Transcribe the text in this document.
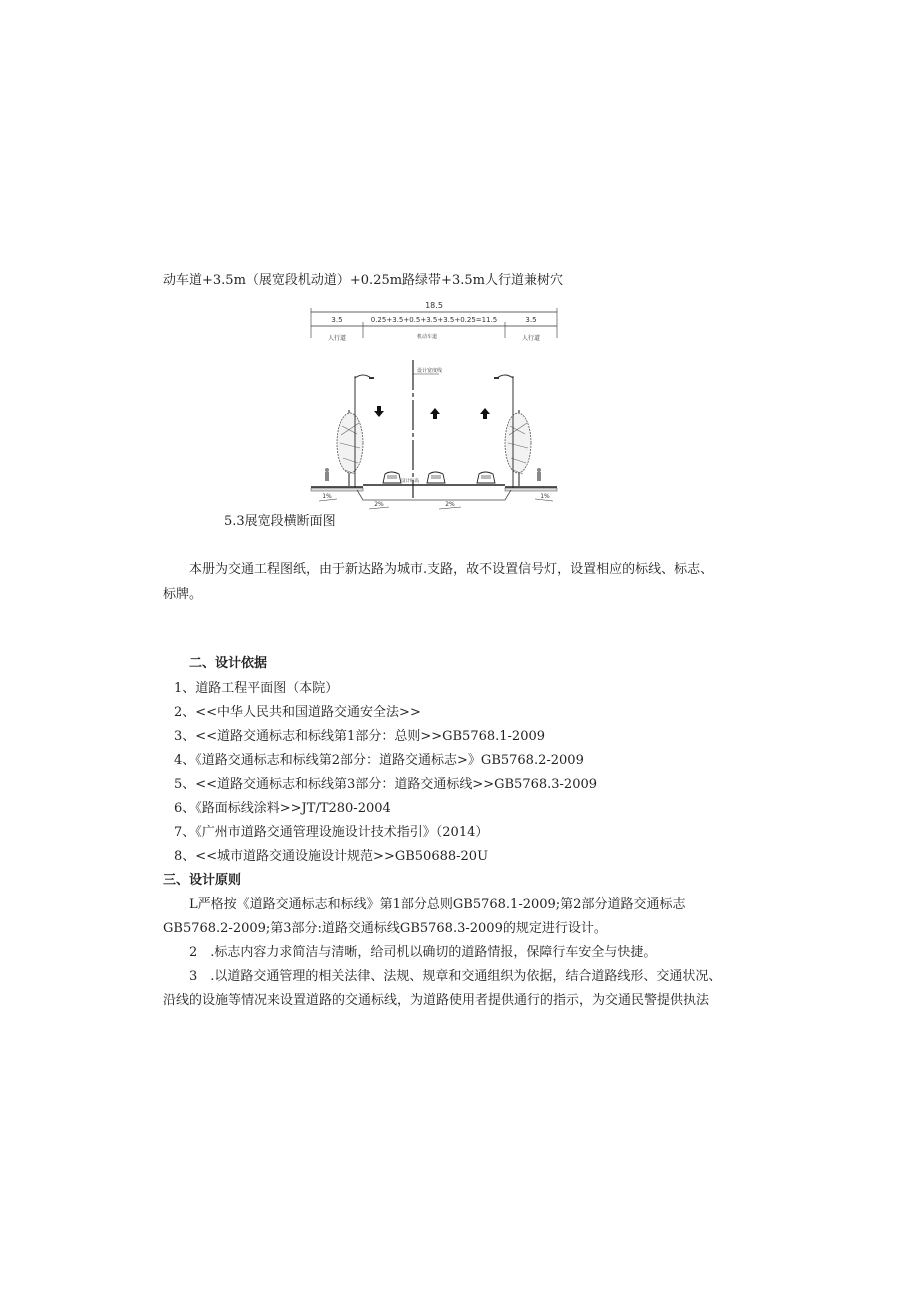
动车道+3.5m（展宽段机动道）+0.25m路绿带+3.5m人行道兼树穴
18.5
3.5	0.25+3.5+0.5+3.5+3.5+0.25=11.5	3.5
人行道	机动车道	人行道
设计宽度线
设计标高
1%
2%	2%
1%
5.3展宽段横断面图
本册为交通工程图纸，由于新达路为城市.支路，故不设置信号灯，设置相应的标线、标志、
标牌。
二、设计依据
1、道路工程平面图（本院）
2、<<中华人民共和国道路交通安全法>>
3、<<道路交通标志和标线第1部分：总则>>GB5768.1-2009
4、《道路交通标志和标线第2部分：道路交通标志>》GB5768.2-2009
5、<<道路交通标志和标线第3部分：道路交通标线>>GB5768.3-2009
6、《路面标线涂料>>JT/T280-2004
7、《广州市道路交通管理设施设计技术指引》（2014）
8、<<城市道路交通设施设计规范>>GB50688-20U
三、设计原则
L严格按《道路交通标志和标线》第1部分总则GB5768.1-2009;第2部分道路交通标志
GB5768.2-2009;第3部分:道路交通标线GB5768.3-2009的规定进行设计。
2　.标志内容力求简洁与清晰，给司机以确切的道路情报，保障行车安全与快捷。
3　.以道路交通管理的相关法律、法规、规章和交通组织为依据，结合道路线形、交通状况、
沿线的设施等情况来设置道路的交通标线，为道路使用者提供通行的指示，为交通民警提供执法
